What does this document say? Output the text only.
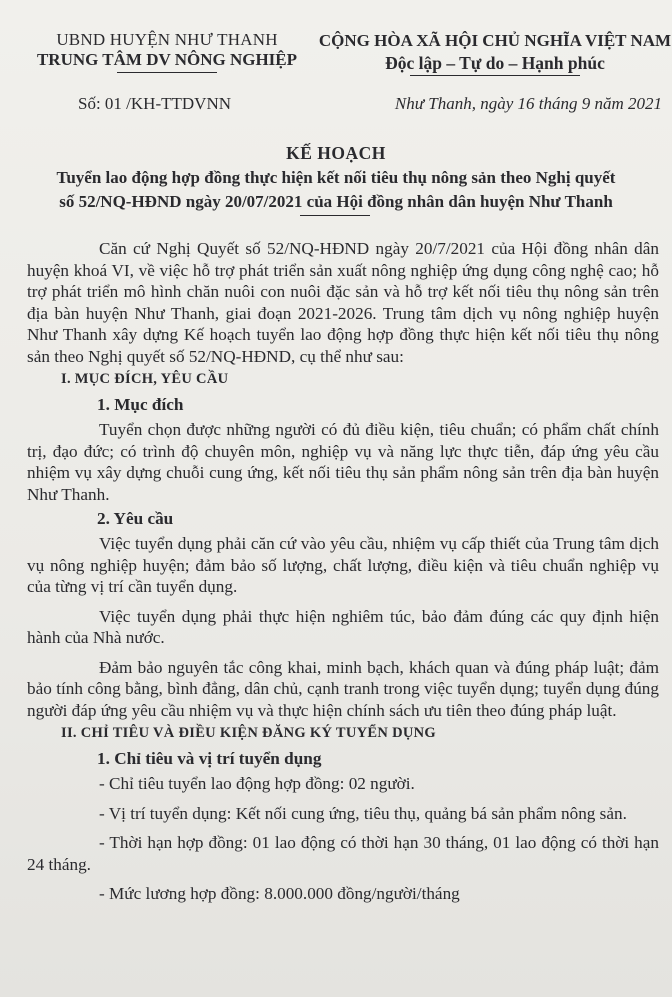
UBND HUYỆN NHƯ THANH
TRUNG TÂM DV NÔNG NGHIỆP
CỘNG HÒA XÃ HỘI CHỦ NGHĨA VIỆT NAM
Độc lập – Tự do – Hạnh phúc
Số: 01 /KH-TTDVNN	Như Thanh, ngày 16 tháng 9 năm 2021
KẾ HOẠCH
Tuyển lao động hợp đồng thực hiện kết nối tiêu thụ nông sản theo Nghị quyết
số 52/NQ-HĐND ngày 20/07/2021 của Hội đồng nhân dân huyện Như Thanh

Căn cứ Nghị Quyết số 52/NQ-HĐND ngày 20/7/2021 của Hội đồng nhân dân huyện khoá VI, về việc hỗ trợ phát triển sản xuất nông nghiệp ứng dụng công nghệ cao; hỗ trợ phát triển mô hình chăn nuôi con nuôi đặc sản và hỗ trợ kết nối tiêu thụ nông sản trên địa bàn huyện Như Thanh, giai đoạn 2021-2026. Trung tâm dịch vụ nông nghiệp huyện Như Thanh xây dựng Kế hoạch tuyển lao động hợp đồng thực hiện kết nối tiêu thụ nông sản theo Nghị quyết số 52/NQ-HĐND, cụ thể như sau:

I. MỤC ĐÍCH, YÊU CẦU

1. Mục đích

Tuyển chọn được những người có đủ điều kiện, tiêu chuẩn; có phẩm chất chính trị, đạo đức; có trình độ chuyên môn, nghiệp vụ và năng lực thực tiễn, đáp ứng yêu cầu nhiệm vụ xây dựng chuỗi cung ứng, kết nối tiêu thụ sản phẩm nông sản trên địa bàn huyện Như Thanh.

2. Yêu cầu

Việc tuyển dụng phải căn cứ vào yêu cầu, nhiệm vụ cấp thiết của Trung tâm dịch vụ nông nghiệp huyện; đảm bảo số lượng, chất lượng, điều kiện và tiêu chuẩn nghiệp vụ của từng vị trí cần tuyển dụng.

Việc tuyển dụng phải thực hiện nghiêm túc, bảo đảm đúng các quy định hiện hành của Nhà nước.

Đảm bảo nguyên tắc công khai, minh bạch, khách quan và đúng pháp luật; đảm bảo tính công bằng, bình đẳng, dân chủ, cạnh tranh trong việc tuyển dụng; tuyển dụng đúng người đáp ứng yêu cầu nhiệm vụ và thực hiện chính sách ưu tiên theo đúng pháp luật.

II. CHỈ TIÊU VÀ ĐIỀU KIỆN ĐĂNG KÝ TUYỂN DỤNG

1. Chỉ tiêu và vị trí tuyển dụng

- Chỉ tiêu tuyển lao động hợp đồng: 02 người.

- Vị trí tuyển dụng: Kết nối cung ứng, tiêu thụ, quảng bá sản phẩm nông sản.

- Thời hạn hợp đồng: 01 lao động có thời hạn 30 tháng, 01 lao động có thời hạn 24 tháng.

- Mức lương hợp đồng: 8.000.000 đồng/người/tháng
